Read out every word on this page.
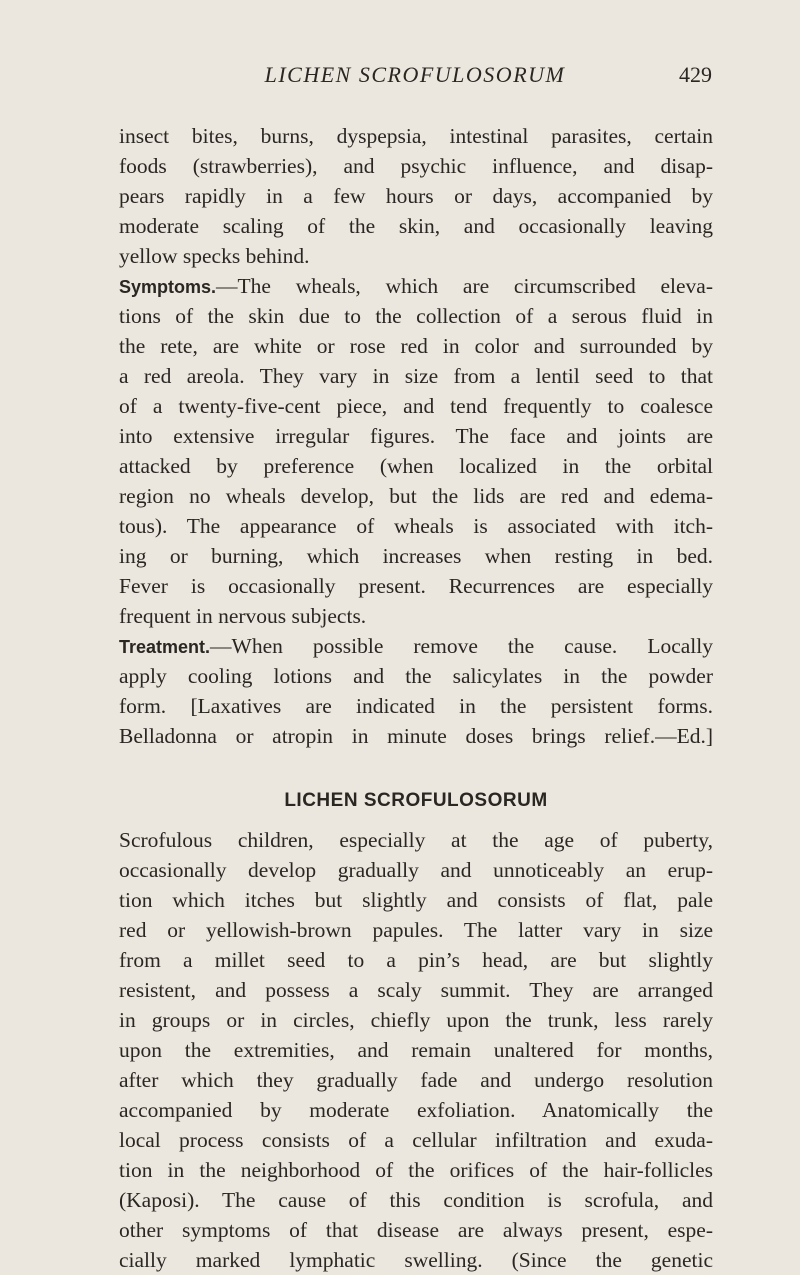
LICHEN SCROFULOSORUM	429
insect bites, burns, dyspepsia, intestinal parasites, certain
foods (strawberries), and psychic influence, and disap-
pears rapidly in a few hours or days, accompanied by
moderate scaling of the skin, and occasionally leaving
yellow specks behind.
Symptoms.—The wheals, which are circumscribed eleva-
tions of the skin due to the collection of a serous fluid in
the rete, are white or rose red in color and surrounded by
a red areola. They vary in size from a lentil seed to that
of a twenty-five-cent piece, and tend frequently to coalesce
into extensive irregular figures. The face and joints are
attacked by preference (when localized in the orbital
region no wheals develop, but the lids are red and edema-
tous). The appearance of wheals is associated with itch-
ing or burning, which increases when resting in bed.
Fever is occasionally present. Recurrences are especially
frequent in nervous subjects.
Treatment.—When possible remove the cause. Locally
apply cooling lotions and the salicylates in the powder
form. [Laxatives are indicated in the persistent forms.
Belladonna or atropin in minute doses brings relief.—Ed.]
LICHEN SCROFULOSORUM
Scrofulous children, especially at the age of puberty,
occasionally develop gradually and unnoticeably an erup-
tion which itches but slightly and consists of flat, pale
red or yellowish-brown papules. The latter vary in size
from a millet seed to a pin’s head, are but slightly
resistent, and possess a scaly summit. They are arranged
in groups or in circles, chiefly upon the trunk, less rarely
upon the extremities, and remain unaltered for months,
after which they gradually fade and undergo resolution
accompanied by moderate exfoliation. Anatomically the
local process consists of a cellular infiltration and exuda-
tion in the neighborhood of the orifices of the hair-follicles
(Kaposi). The cause of this condition is scrofula, and
other symptoms of that disease are always present, espe-
cially marked lymphatic swelling. (Since the genetic
